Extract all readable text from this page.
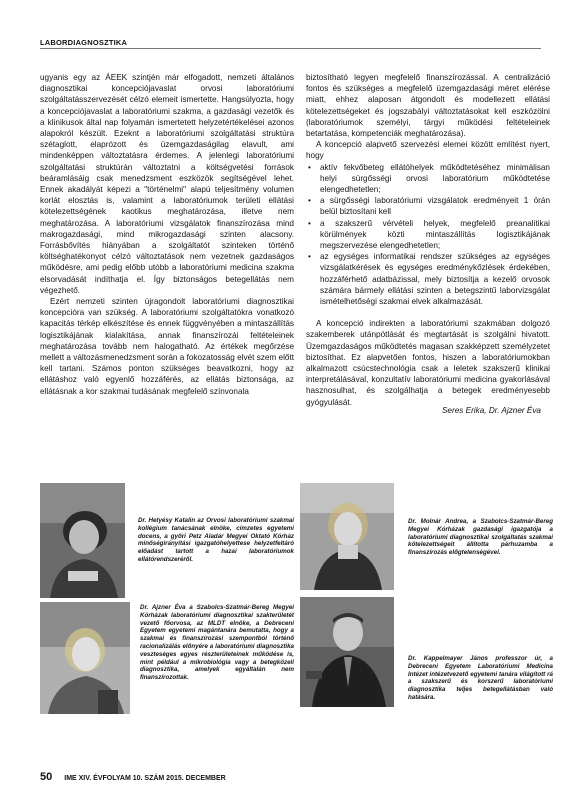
LABORDIAGNOSZTIKA

ugyanis egy az ÁEEK szintjén már elfogadott, nemzeti általános diagnosztikai koncepciójavaslat orvosi laboratóriumi szolgáltatásszervezését célzó elemeit ismertette. Hangsúlyozta, hogy a koncepciójavaslat a laboratóriumi szakma, a gazdasági vezetők és a klinikusok által nap folyamán ismertetett helyzetértékelései azonos alapokról készült. Ezeknt a laboratóriumi szolgáltatási struktúra szétaglott, elaprózott és üzemgazdaságilag elavult, ami mindenképpen változtatásra érdemes. A jelenlegi laboratóriumi szolgáltatási struktúrán változtatni a költségvetési források beáramlásáig csak menedzsment eszközök segítségével lehet. Ennek akadályát képezi a "történelmi" alapú teljesítmény volumen korlát elosztás is, valamint a laboratóriumok területi ellátási kötelezettségének kaotikus meghatározása, illetve nem meghatározása. A laboratóriumi vizsgálatok finanszírozása mind makrogazdasági, mind mikrogazdasági szinten alacsony. Forrásbővítés hiányában a szolgáltatót szinteken történő költséghatékonyot célzó változtatások nem vezetnek gazdaságos működésre, ami pedig előbb utóbb a laboratóriumi medicina szakma elsorvadását indíthatja el. Így biztonságos betegellátás nem végezhető.

Ezért nemzeti szinten újragondolt laboratóriumi diagnosztikai koncepcióra van szükség. A laboratóriumi szolgáltatókra vonatkozó kapacitás térkép elkészítése és ennek függvényében a mintaszállítás logisztikájának kialakítása, annak finanszírozái feltételeinek meghatározása tovább nem halogatható. Az értékek megőrzése mellett a változásmenedzsment során a fokozatosság elvét szem előtt kell tartani. Számos ponton szükséges beavatkozni, hogy az ellátáshoz való egyenlő hozzáférés, az ellátás biztonsága, az ellátásnak a kor szakmai tudásának megfelelő színvonala

biztosítható legyen megfelelő finanszírozással. A centralizáció fontos és szükséges a megfelelő üzemgazdasági méret elérése miatt, ehhez alaposan átgondolt és modellezett ellátási kötelezettségeket és jogszabályi változtatásokat kell eszközölni (laboratóriumok személyi, tárgyi működési feltételeinek betartatása, kompetenciák meghatározása).

A koncepció alapvető szervezési elemei között említést nyert, hogy

• aktív fekvőbeteg ellátóhelyek működtetéséhez minimálisan helyi sürgősségi orvosi laboratórium működtetése elengedhetetlen;
• a sürgősségi laboratóriumi vizsgálatok eredményeit 1 órán belül biztosítani kell
• a szakszerű vérvételi helyek, megfelelő preanalitikai körülmények közti mintaszállítás logisztikájának megszervezése elengedhetetlen;
• az egységes informatikai rendszer szükséges az egységes vizsgálatkérések és egységes eredménykőzlések érdekében, hozzáférhető adatbázissal, mely biztosítja a kezelő orvosok számára bármely ellátási szinten a betegszintű laborvizsgálat ismételhetőségi szakmai elvek alkalmazását.

A koncepció indirekten a laboratóriumi szakmában dolgozó szakemberek utánpótlását és megtartását is szolgálni hivatott. Üzemgazdaságos működtetés magasan szakképzett személyzetet biztosíthat. Ez alapvetően fontos, hiszen a laboratóriumokban alkalmazott csúcstechnológia csak a leletek szakszerű klinikai interpretálásával, konzultatív laboratóriumi medicina gyakorlásával hasznosulhat, és szolgálhatja a betegek eredményesebb gyógyulását.

Seres Erika, Dr. Ajzner Éva
Dr. Hetyésy Katalin az Orvosi laboratóriumi szakmai kollégium tanácsának elnöke, címzetes egyetemi docens, a győri Petz Aladár Megyei Oktató Kórház minőségirányítási igazgatóhelyettese helyzetfeltáró előadást tartott a hazai laboratóriumok ellátórendszeréről.
Dr. Molnár Andrea, a Szabolcs-Szatmár-Bereg Megyei Kórházak gazdasági igazgatója a laboratóriumi diagnosztikai szolgáltatás szakmai kötelezettségeit állította párhuzamba a finanszírozás előgtelenségével.
Dr. Ajzner Éva a Szabolcs-Szatmár-Bereg Megyei Kórházak laboratóriumi diagnosztikai szakterületét vezető főorvosa, az MLDT elnöke, a Debreceni Egyetem egyetemi magántanára bemutatta, hogy a szakmai és finanszírozási szempontból történő racionalizálás előnyére a laboratóriumi diagnosztika veszteséges egyes részterületeinek működése is, mint például a mikrobiológia vagy a betegközeli diagnosztika, amelyek egyáltalán nem finanszírozottak.
Dr. Kappelmayer János professzor úr, a Debreceni Egyetem Laboratóriumi Medicina Intézet intézetvezető egyetemi tanára világított rá a szakszerű és korszerű laboratóriumi diagnosztika teljes betegellátásban való hatására.
50 IME XIV. ÉVFOLYAM 10. SZÁM 2015. DECEMBER
